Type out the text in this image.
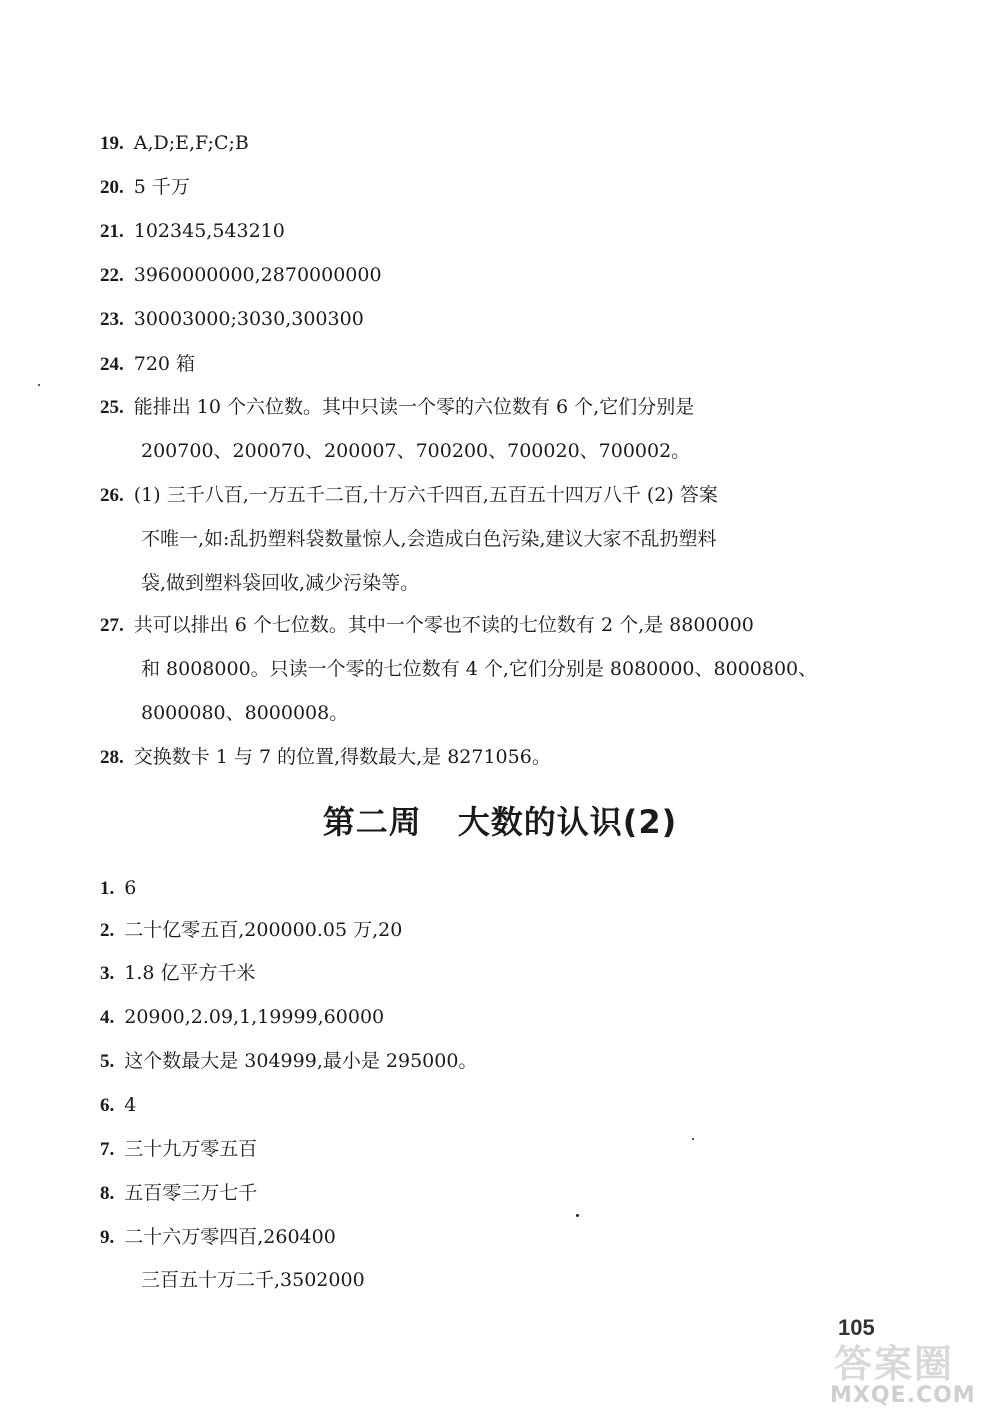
19. A,D;E,F;C;B
20. 5 千万
21. 102345,543210
22. 3960000000,2870000000
23. 30003000;3030,300300
24. 720 箱
25. 能排出 10 个六位数。其中只读一个零的六位数有 6 个,它们分别是
200700、200070、200007、700200、700020、700002。
26. (1) 三千八百,一万五千二百,十万六千四百,五百五十四万八千 (2) 答案
不唯一,如:乱扔塑料袋数量惊人,会造成白色污染,建议大家不乱扔塑料
袋,做到塑料袋回收,减少污染等。
27. 共可以排出 6 个七位数。其中一个零也不读的七位数有 2 个,是 8800000
和 8008000。只读一个零的七位数有 4 个,它们分别是 8080000、8000800、
8000080、8000008。
28. 交换数卡 1 与 7 的位置,得数最大,是 8271056。
第二周 大数的认识(2)
1. 6
2. 二十亿零五百,200000.05 万,20
3. 1.8 亿平方千米
4. 20900,2.09,1,19999,60000
5. 这个数最大是 304999,最小是 295000。
6. 4
7. 三十九万零五百
8. 五百零三万七千
9. 二十六万零四百,260400
三百五十万二千,3502000
105
答案圈
MXQE.COM
